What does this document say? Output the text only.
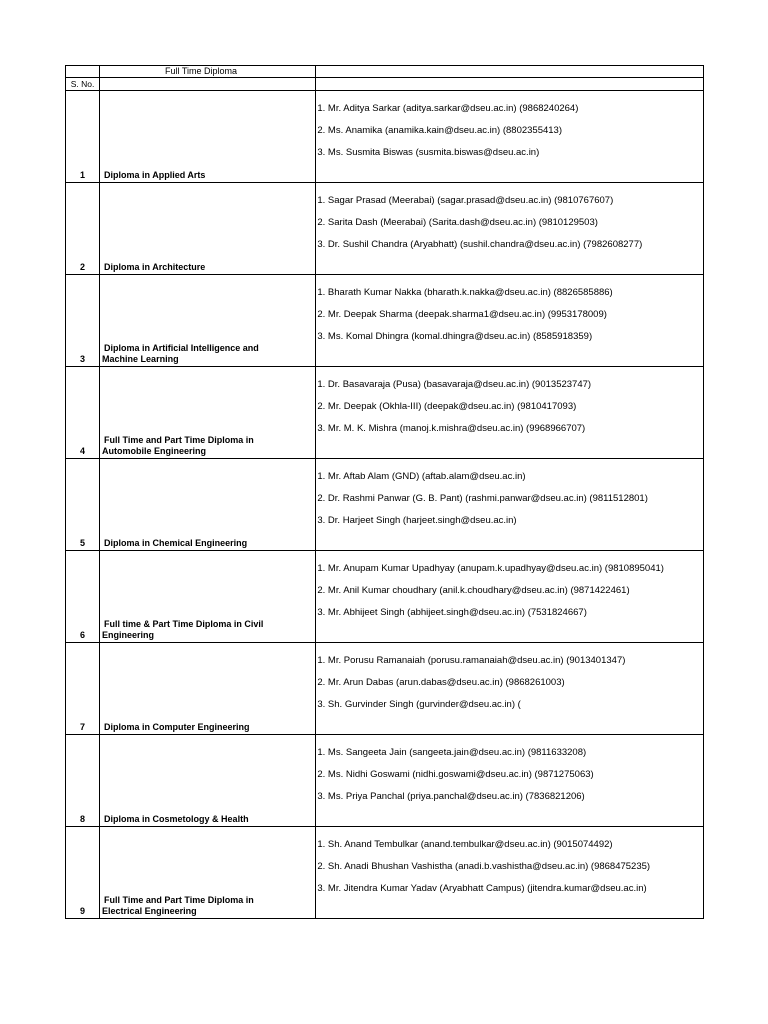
	Full Time Diploma	
S. No.		
1	Diploma in Applied Arts	1. Mr. Aditya Sarkar (aditya.sarkar@dseu.ac.in) (9868240264)
2. Ms. Anamika (anamika.kain@dseu.ac.in) (8802355413)
3. Ms. Susmita Biswas (susmita.biswas@dseu.ac.in)

2	Diploma in Architecture	1. Sagar Prasad (Meerabai) (sagar.prasad@dseu.ac.in) (9810767607)
2. Sarita Dash (Meerabai) (Sarita.dash@dseu.ac.in) (9810129503)
3. Dr. Sushil Chandra (Aryabhatt) (sushil.chandra@dseu.ac.in) (7982608277)

3	Diploma in Artificial Intelligence and
Machine Learning	1. Bharath Kumar Nakka (bharath.k.nakka@dseu.ac.in) (8826585886)
2. Mr. Deepak Sharma (deepak.sharma1@dseu.ac.in) (9953178009)
3. Ms. Komal Dhingra (komal.dhingra@dseu.ac.in) (8585918359)

4	Full Time and Part Time Diploma in
Automobile Engineering	1. Dr. Basavaraja (Pusa) (basavaraja@dseu.ac.in) (9013523747)
2. Mr. Deepak (Okhla-III) (deepak@dseu.ac.in) (9810417093)
3. Mr. M. K. Mishra (manoj.k.mishra@dseu.ac.in) (9968966707)

5	Diploma in Chemical Engineering	1. Mr. Aftab Alam (GND) (aftab.alam@dseu.ac.in)
2. Dr. Rashmi Panwar (G. B. Pant) (rashmi.panwar@dseu.ac.in) (9811512801)
3. Dr. Harjeet Singh (harjeet.singh@dseu.ac.in)

6	Full time & Part Time Diploma in Civil
Engineering	1. Mr. Anupam Kumar Upadhyay (anupam.k.upadhyay@dseu.ac.in) (9810895041)
2. Mr. Anil Kumar choudhary (anil.k.choudhary@dseu.ac.in) (9871422461)
3. Mr. Abhijeet Singh (abhijeet.singh@dseu.ac.in) (7531824667)

7	Diploma in Computer Engineering	1. Mr. Porusu Ramanaiah (porusu.ramanaiah@dseu.ac.in) (9013401347)
2. Mr. Arun Dabas (arun.dabas@dseu.ac.in) (9868261003)
3. Sh. Gurvinder Singh (gurvinder@dseu.ac.in) (

8	Diploma in Cosmetology & Health	1. Ms. Sangeeta Jain (sangeeta.jain@dseu.ac.in) (9811633208)
2. Ms. Nidhi Goswami (nidhi.goswami@dseu.ac.in) (9871275063)
3. Ms. Priya Panchal (priya.panchal@dseu.ac.in) (7836821206)

9	Full Time and Part Time Diploma in
Electrical Engineering	1. Sh. Anand Tembulkar (anand.tembulkar@dseu.ac.in) (9015074492)
2. Sh. Anadi Bhushan Vashistha (anadi.b.vashistha@dseu.ac.in) (9868475235)
3. Mr. Jitendra Kumar Yadav (Aryabhatt Campus) (jitendra.kumar@dseu.ac.in)
